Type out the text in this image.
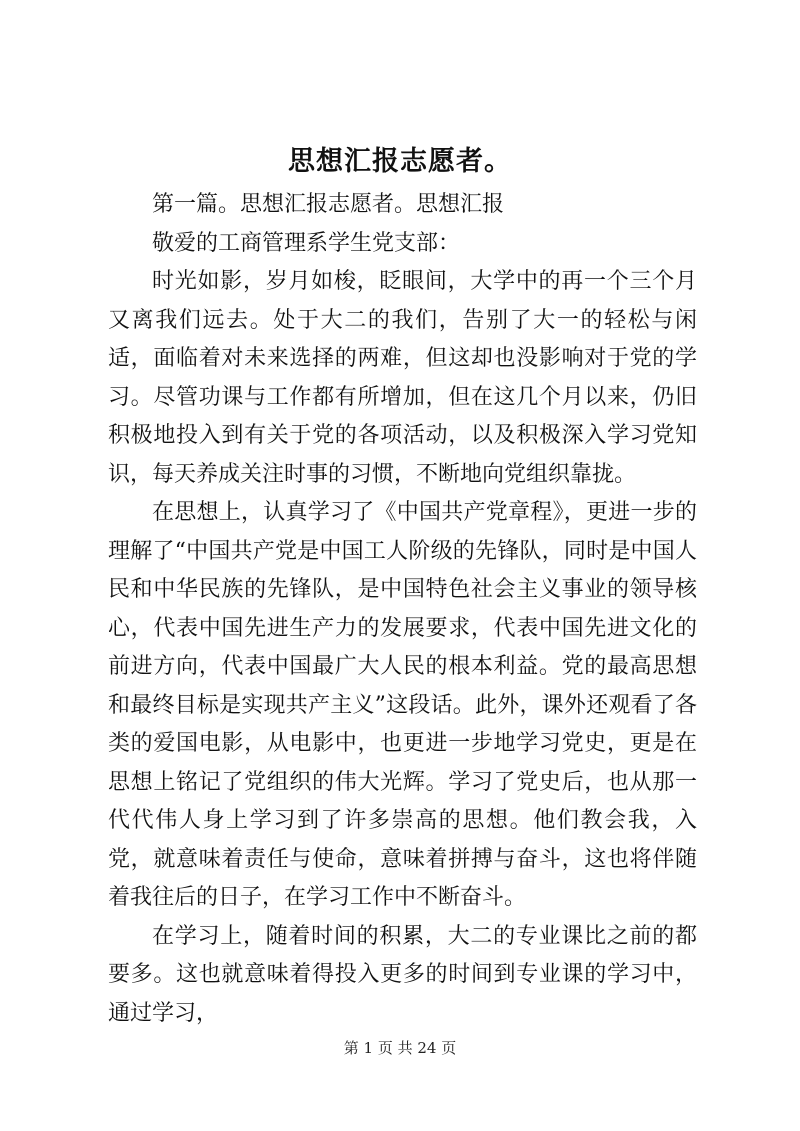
思想汇报志愿者。

第一篇。思想汇报志愿者。思想汇报

敬爱的工商管理系学生党支部：

时光如影，岁月如梭，眨眼间，大学中的再一个三个月又离我们远去。处于大二的我们，告别了大一的轻松与闲适，面临着对未来选择的两难，但这却也没影响对于党的学习。尽管功课与工作都有所增加，但在这几个月以来，仍旧积极地投入到有关于党的各项活动，以及积极深入学习党知识，每天养成关注时事的习惯，不断地向党组织靠拢。

在思想上，认真学习了《中国共产党章程》，更进一步的理解了“中国共产党是中国工人阶级的先锋队，同时是中国人民和中华民族的先锋队，是中国特色社会主义事业的领导核心，代表中国先进生产力的发展要求，代表中国先进文化的前进方向，代表中国最广大人民的根本利益。党的最高思想和最终目标是实现共产主义”这段话。此外，课外还观看了各类的爱国电影，从电影中，也更进一步地学习党史，更是在思想上铭记了党组织的伟大光辉。学习了党史后，也从那一代代伟人身上学习到了许多崇高的思想。他们教会我，入党，就意味着责任与使命，意味着拼搏与奋斗，这也将伴随着我往后的日子，在学习工作中不断奋斗。

在学习上，随着时间的积累，大二的专业课比之前的都要多。这也就意味着得投入更多的时间到专业课的学习中，通过学习，

第 1 页 共 24 页
